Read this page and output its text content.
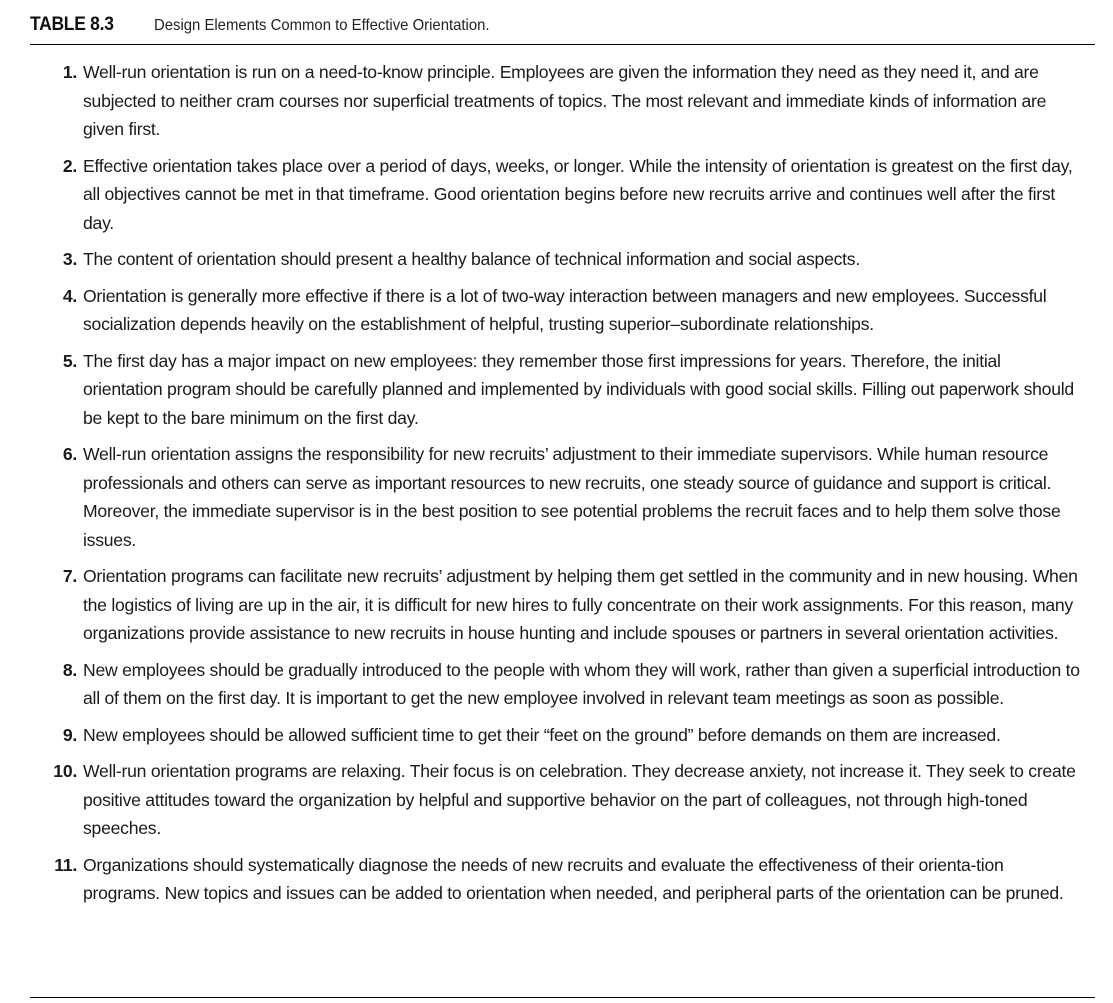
TABLE 8.3	Design Elements Common to Effective Orientation.
1. Well-run orientation is run on a need-to-know principle. Employees are given the information they need as they need it, and are subjected to neither cram courses nor superficial treatments of topics. The most relevant and immediate kinds of information are given first.
2. Effective orientation takes place over a period of days, weeks, or longer. While the intensity of orientation is greatest on the first day, all objectives cannot be met in that timeframe. Good orientation begins before new recruits arrive and continues well after the first day.
3. The content of orientation should present a healthy balance of technical information and social aspects.
4. Orientation is generally more effective if there is a lot of two-way interaction between managers and new employees. Successful socialization depends heavily on the establishment of helpful, trusting superior–subordinate relationships.
5. The first day has a major impact on new employees: they remember those first impressions for years. Therefore, the initial orientation program should be carefully planned and implemented by individuals with good social skills. Filling out paperwork should be kept to the bare minimum on the first day.
6. Well-run orientation assigns the responsibility for new recruits’ adjustment to their immediate supervisors. While human resource professionals and others can serve as important resources to new recruits, one steady source of guidance and support is critical. Moreover, the immediate supervisor is in the best position to see potential problems the recruit faces and to help them solve those issues.
7. Orientation programs can facilitate new recruits’ adjustment by helping them get settled in the community and in new housing. When the logistics of living are up in the air, it is difficult for new hires to fully concentrate on their work assignments. For this reason, many organizations provide assistance to new recruits in house hunting and include spouses or partners in several orientation activities.
8. New employees should be gradually introduced to the people with whom they will work, rather than given a superficial introduction to all of them on the first day. It is important to get the new employee involved in relevant team meetings as soon as possible.
9. New employees should be allowed sufficient time to get their “feet on the ground” before demands on them are increased.
10. Well-run orientation programs are relaxing. Their focus is on celebration. They decrease anxiety, not increase it. They seek to create positive attitudes toward the organization by helpful and supportive behavior on the part of colleagues, not through high-toned speeches.
11. Organizations should systematically diagnose the needs of new recruits and evaluate the effectiveness of their orienta-tion programs. New topics and issues can be added to orientation when needed, and peripheral parts of the orientation can be pruned.
